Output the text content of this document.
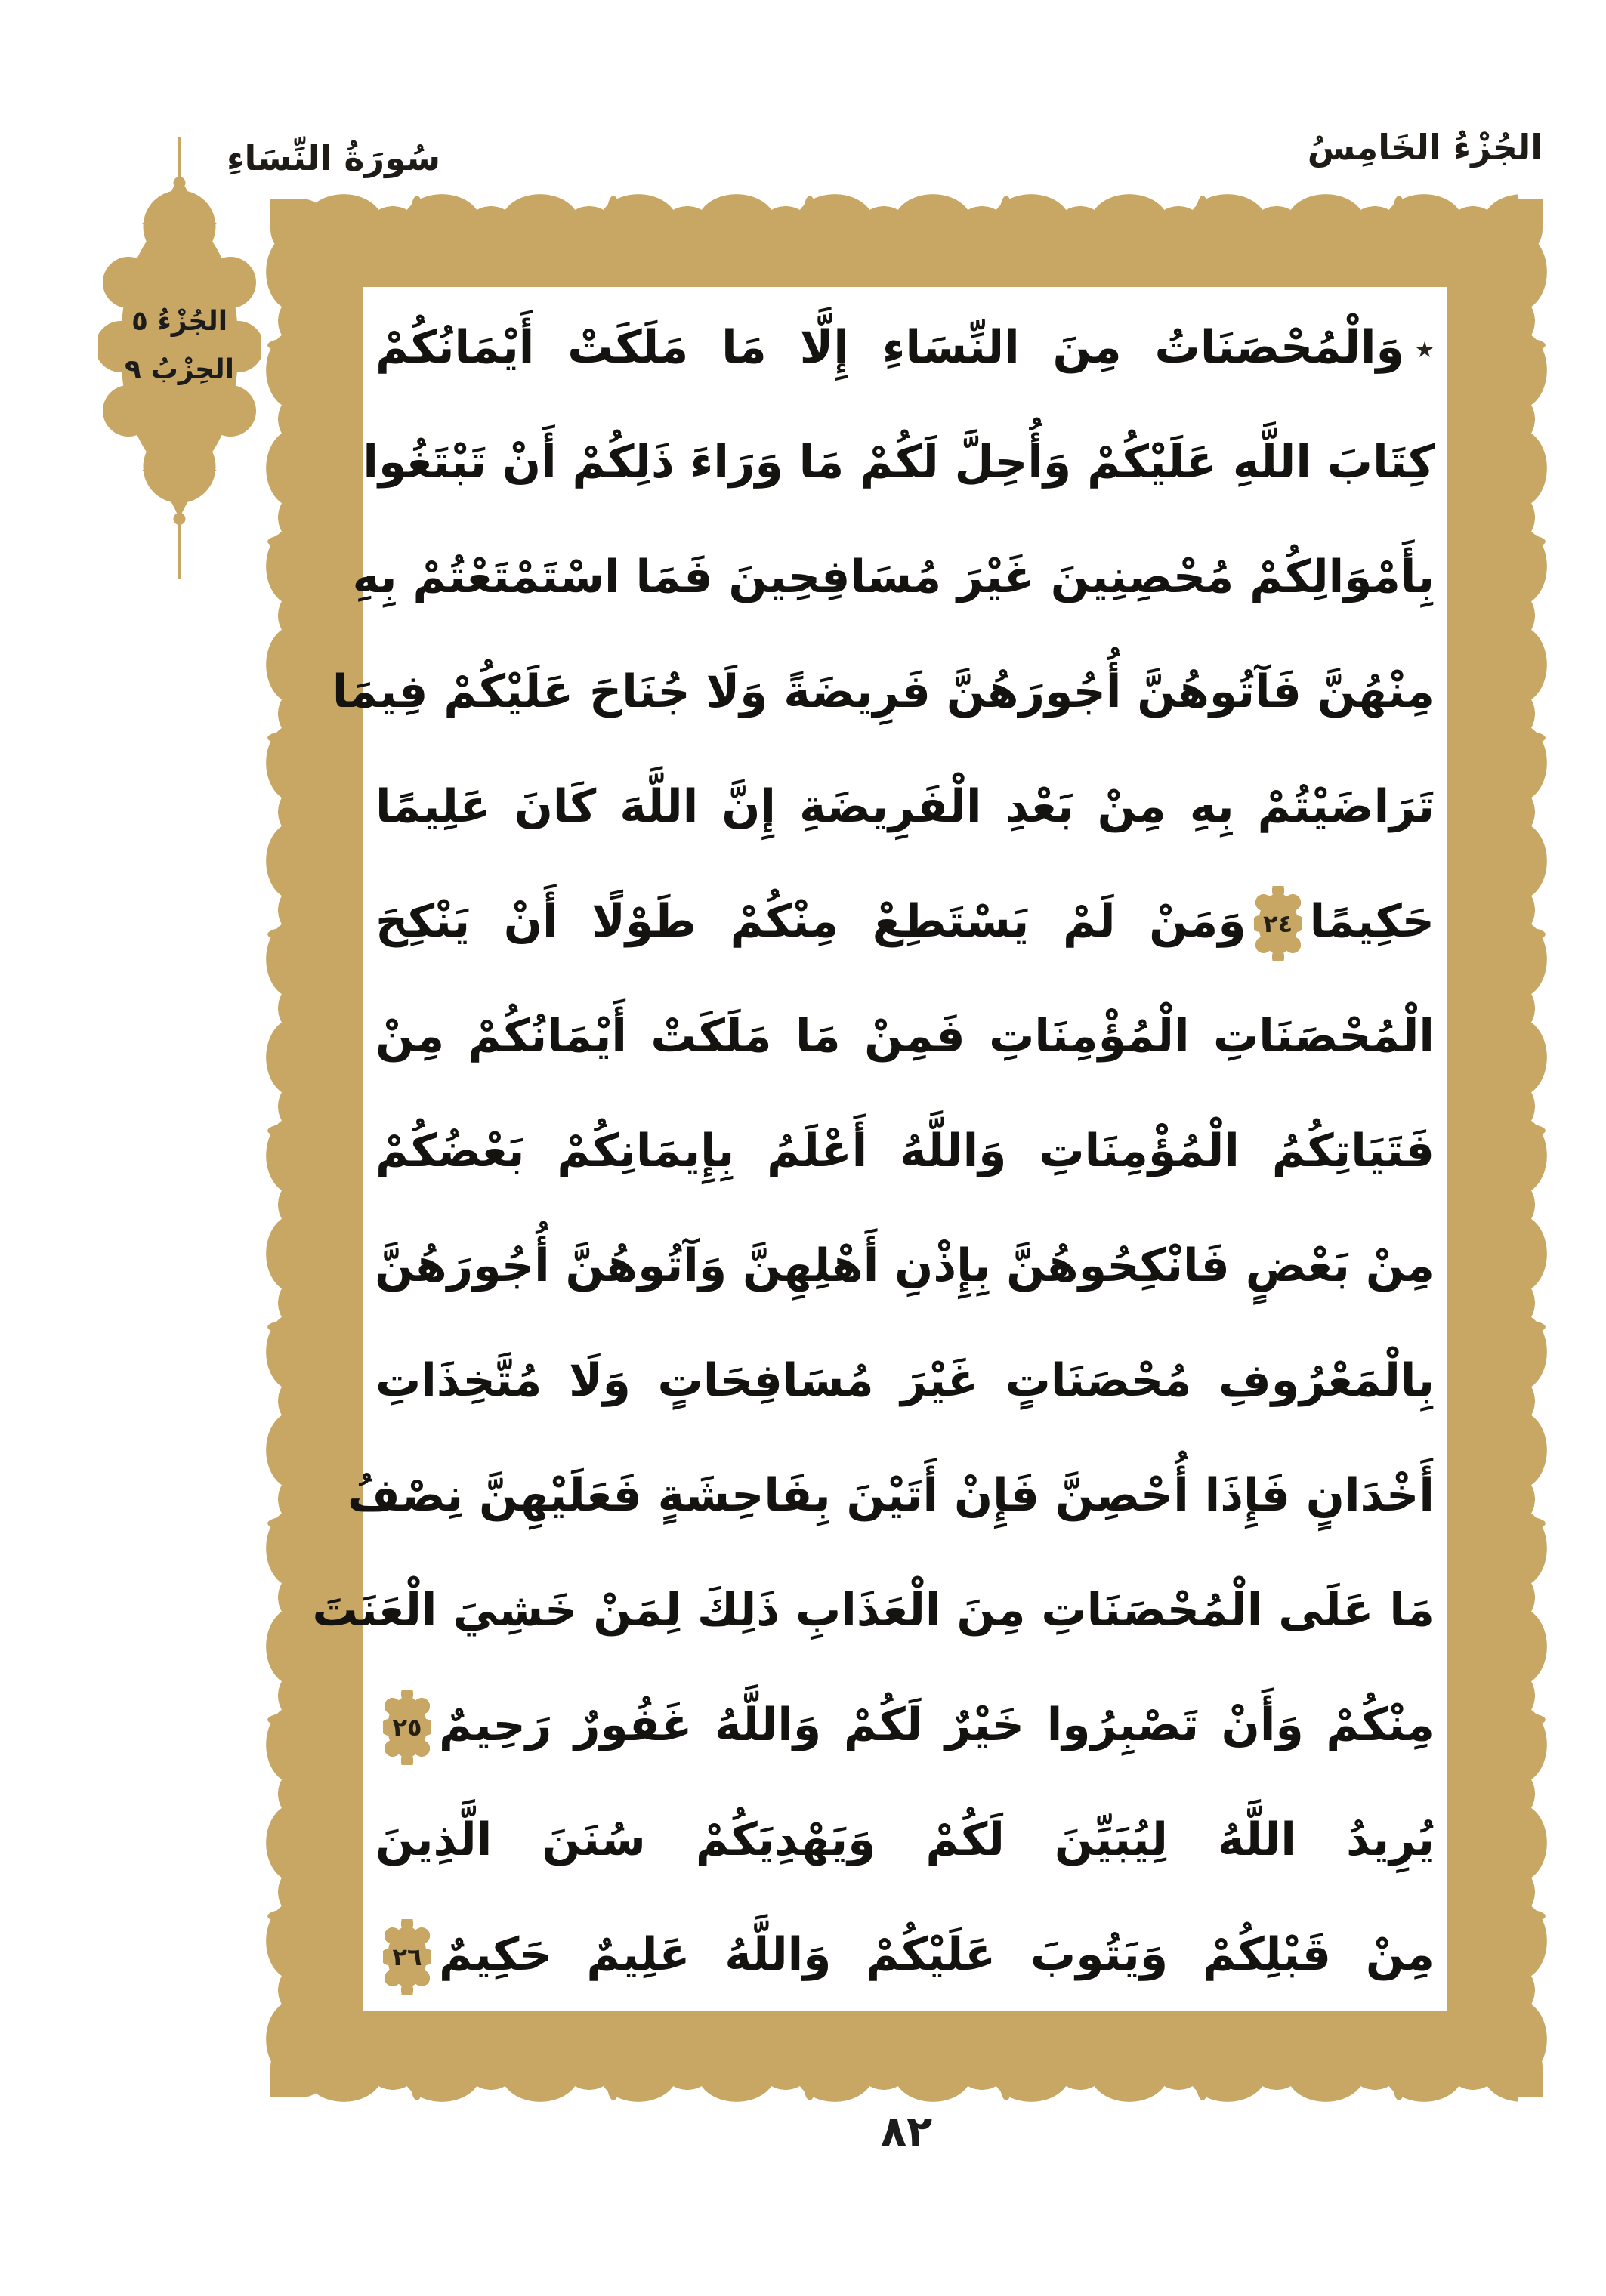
الجُزْءُ الخَامِسُ
سُورَةُ النِّسَاءِ
الجُزْءُ ٥
الحِزْبُ ٩	٭وَالْمُحْصَنَاتُ مِنَ النِّسَاءِ إِلَّا مَا مَلَكَتْ أَيْمَانُكُمْ
كِتَابَ اللَّهِ عَلَيْكُمْ وَأُحِلَّ لَكُمْ مَا وَرَاءَ ذَلِكُمْ أَنْ تَبْتَغُوا
بِأَمْوَالِكُمْ مُحْصِنِينَ غَيْرَ مُسَافِحِينَ فَمَا اسْتَمْتَعْتُمْ بِهِ
مِنْهُنَّ فَآتُوهُنَّ أُجُورَهُنَّ فَرِيضَةً وَلَا جُنَاحَ عَلَيْكُمْ فِيمَا
تَرَاضَيْتُمْ بِهِ مِنْ بَعْدِ الْفَرِيضَةِ إِنَّ اللَّهَ كَانَ عَلِيمًا
حَكِيمًا٢٤وَمَنْ لَمْ يَسْتَطِعْ مِنْكُمْ طَوْلًا أَنْ يَنْكِحَ
الْمُحْصَنَاتِ الْمُؤْمِنَاتِ فَمِنْ مَا مَلَكَتْ أَيْمَانُكُمْ مِنْ
فَتَيَاتِكُمُ الْمُؤْمِنَاتِ وَاللَّهُ أَعْلَمُ بِإِيمَانِكُمْ بَعْضُكُمْ
مِنْ بَعْضٍ فَانْكِحُوهُنَّ بِإِذْنِ أَهْلِهِنَّ وَآتُوهُنَّ أُجُورَهُنَّ
بِالْمَعْرُوفِ مُحْصَنَاتٍ غَيْرَ مُسَافِحَاتٍ وَلَا مُتَّخِذَاتِ
أَخْدَانٍ فَإِذَا أُحْصِنَّ فَإِنْ أَتَيْنَ بِفَاحِشَةٍ فَعَلَيْهِنَّ نِصْفُ
مَا عَلَى الْمُحْصَنَاتِ مِنَ الْعَذَابِ ذَلِكَ لِمَنْ خَشِيَ الْعَنَتَ
مِنْكُمْ وَأَنْ تَصْبِرُوا خَيْرٌ لَكُمْ وَاللَّهُ غَفُورٌ رَحِيمٌ٢٥
يُرِيدُ اللَّهُ لِيُبَيِّنَ لَكُمْ وَيَهْدِيَكُمْ سُنَنَ الَّذِينَ
مِنْ قَبْلِكُمْ وَيَتُوبَ عَلَيْكُمْ وَاللَّهُ عَلِيمٌ حَكِيمٌ٢٦
٨٢
